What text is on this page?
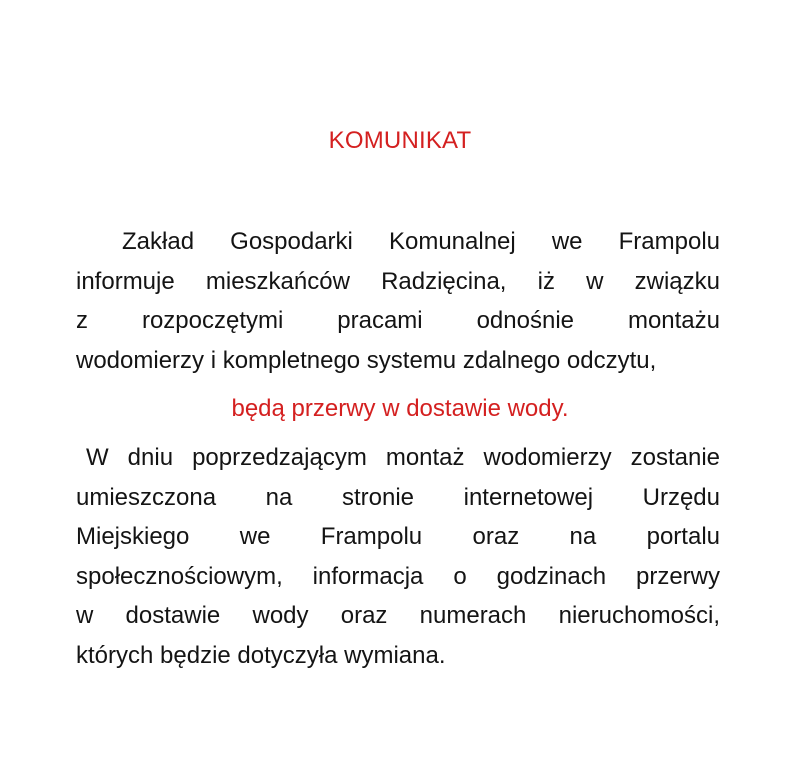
KOMUNIKAT
Zakład Gospodarki Komunalnej we Frampolu
informuje mieszkańców Radzięcina, iż w związku
z rozpoczętymi pracami odnośnie montażu
wodomierzy i kompletnego systemu zdalnego odczytu,
będą przerwy w dostawie wody.
W dniu poprzedzającym montaż wodomierzy zostanie
umieszczona na stronie internetowej Urzędu
Miejskiego we Frampolu oraz na portalu
społecznościowym, informacja o godzinach przerwy
w dostawie wody oraz numerach nieruchomości,
których będzie dotyczyła wymiana.
